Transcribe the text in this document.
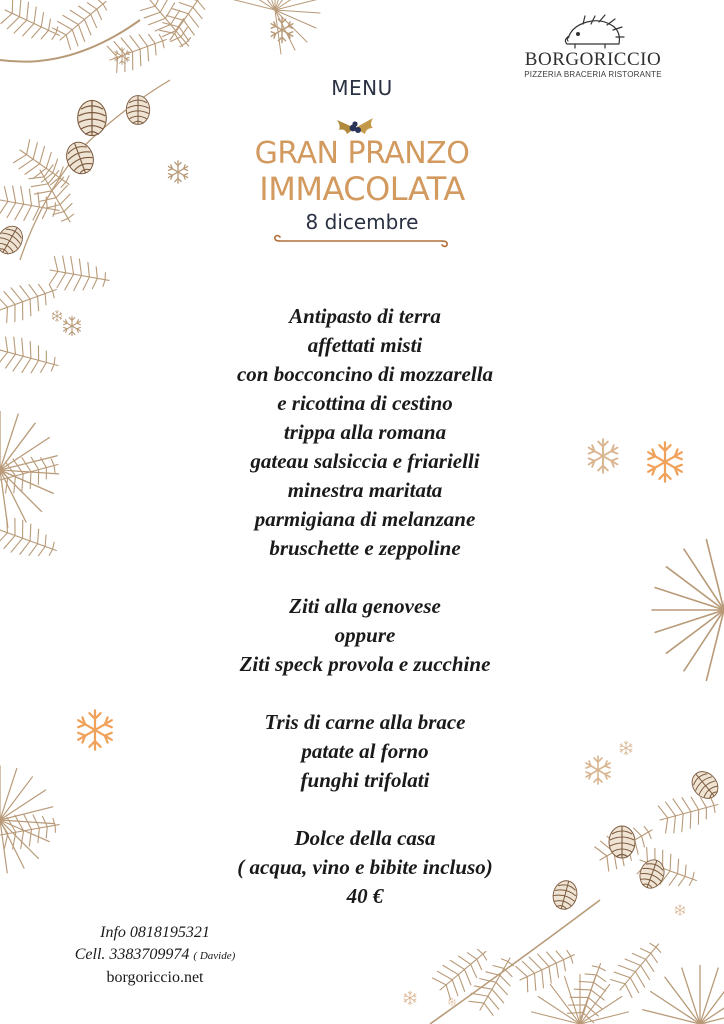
BORGORICCIO
PIZZERIA BRACERIA RISTORANTE
MENU
GRAN PRANZO
IMMACOLATA
8 dicembre
Antipasto di terra
affettati misti
con bocconcino di mozzarella
e ricottina di cestino
trippa alla romana
gateau salsiccia e friarielli
minestra maritata
parmigiana di melanzane
bruschette e zeppoline
Ziti alla genovese
oppure
Ziti speck provola e zucchine
Tris di carne alla brace
patate al forno
funghi trifolati
Dolce della casa
( acqua, vino e bibite incluso)
40 €
Info 0818195321
Cell. 3383709974 ( Davide)
borgoriccio.net
